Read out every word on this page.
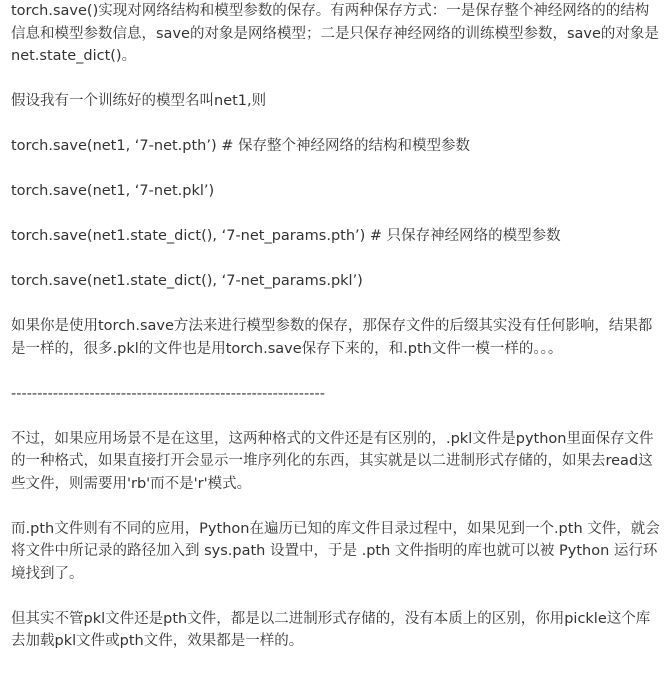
torch.save()实现对网络结构和模型参数的保存。有两种保存方式：一是保存整个神经网络的的结构信息和模型参数信息，save的对象是网络模型；二是只保存神经网络的训练模型参数，save的对象是net.state_dict()。

假设我有一个训练好的模型名叫net1,则

torch.save(net1, ‘7-net.pth’) # 保存整个神经网络的结构和模型参数

torch.save(net1, ‘7-net.pkl’)

torch.save(net1.state_dict(), ‘7-net_params.pth’) # 只保存神经网络的模型参数

torch.save(net1.state_dict(), ‘7-net_params.pkl’)

如果你是使用torch.save方法来进行模型参数的保存，那保存文件的后缀其实没有任何影响，结果都是一样的，很多.pkl的文件也是用torch.save保存下来的，和.pth文件一模一样的。。。

------------------------------------------------------------

不过，如果应用场景不是在这里，这两种格式的文件还是有区别的，.pkl文件是python里面保存文件的一种格式，如果直接打开会显示一堆序列化的东西，其实就是以二进制形式存储的，如果去read这些文件，则需要用'rb'而不是'r'模式。

而.pth文件则有不同的应用，Python在遍历已知的库文件目录过程中，如果见到一个.pth 文件，就会将文件中所记录的路径加入到 sys.path 设置中，于是 .pth 文件指明的库也就可以被 Python 运行环境找到了。

但其实不管pkl文件还是pth文件，都是以二进制形式存储的，没有本质上的区别，你用pickle这个库去加载pkl文件或pth文件，效果都是一样的。
